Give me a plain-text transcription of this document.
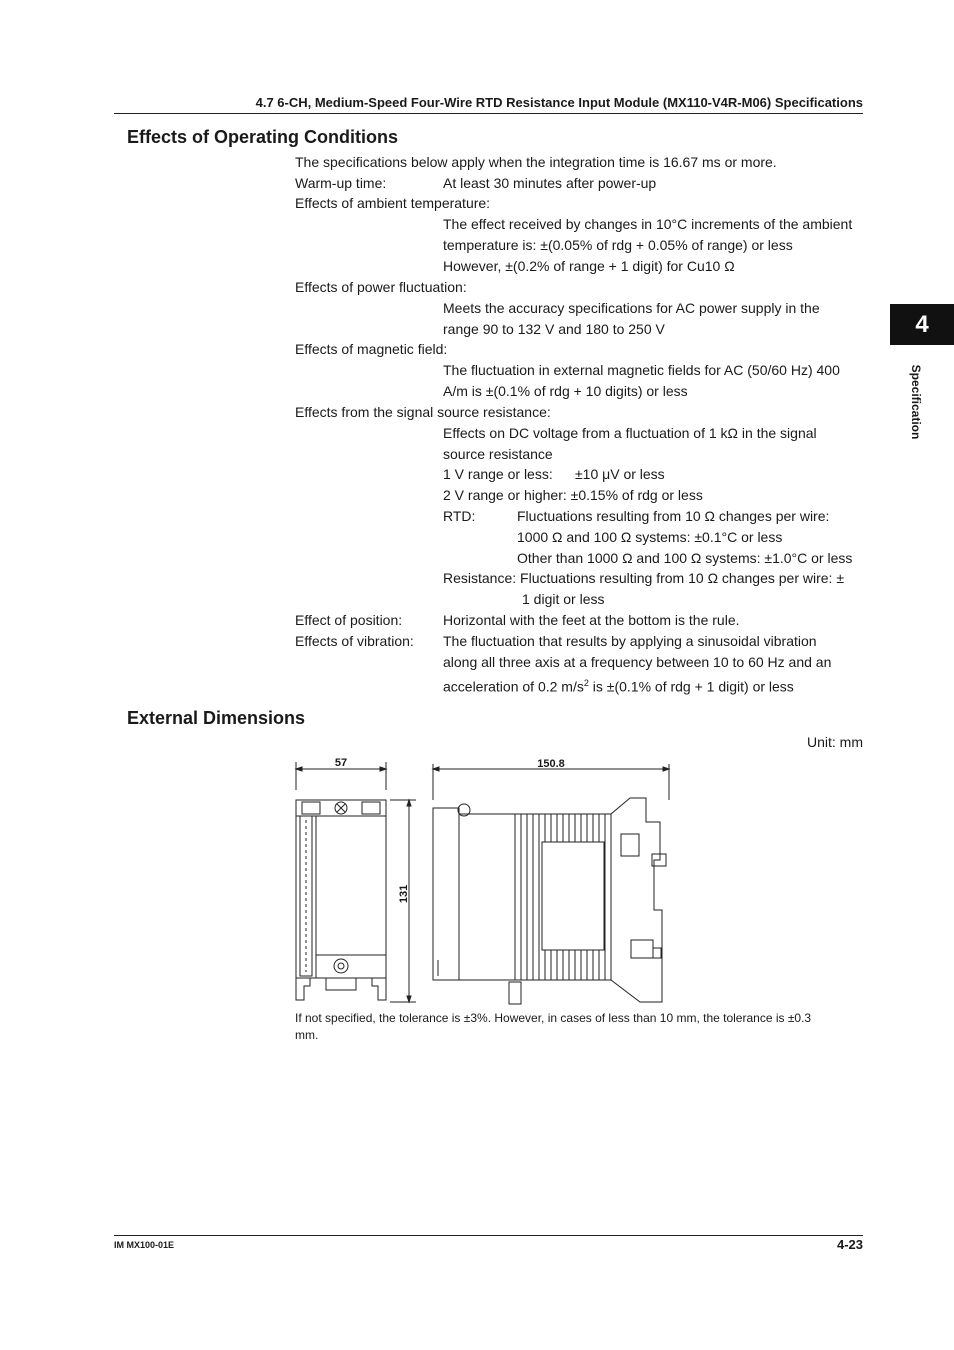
4.7 6-CH, Medium-Speed Four-Wire RTD Resistance Input Module (MX110-V4R-M06) Specifications
4
Specification
Effects of Operating Conditions
The specifications below apply when the integration time is 16.67 ms or more.
Warm-up time:	At least 30 minutes after power-up
Effects of ambient temperature:
The effect received by changes in 10°C increments of the ambient
temperature is: ±(0.05% of rdg + 0.05% of range) or less
However, ±(0.2% of range + 1 digit) for Cu10 Ω
Effects of power fluctuation:
Meets the accuracy specifications for AC power supply in the
range 90 to 132 V and 180 to 250 V
Effects of magnetic field:
The fluctuation in external magnetic fields for AC (50/60 Hz) 400
A/m is ±(0.1% of rdg + 10 digits) or less
Effects from the signal source resistance:
Effects on DC voltage from a fluctuation of 1 kΩ in the signal
source resistance
1 V range or less: ±10 μV or less
2 V range or higher: ±0.15% of rdg or less
RTD:	Fluctuations resulting from 10 Ω changes per wire:
1000 Ω and 100 Ω systems: ±0.1°C or less
Other than 1000 Ω and 100 Ω systems: ±1.0°C or less
Resistance: Fluctuations resulting from 10 Ω changes per wire: ±
1 digit or less
Effect of position:	Horizontal with the feet at the bottom is the rule.
Effects of vibration: The fluctuation that results by applying a sinusoidal vibration
along all three axis at a frequency between 10 to 60 Hz and an
acceleration of 0.2 $m/s^2$ is ±(0.1% of rdg + 1 digit) or less
External Dimensions
Unit: mm
57
131
150.8
If not specified, the tolerance is ±3%. However, in cases of less than 10 mm, the tolerance is ±0.3
mm.
IM MX100-01E	4-23
